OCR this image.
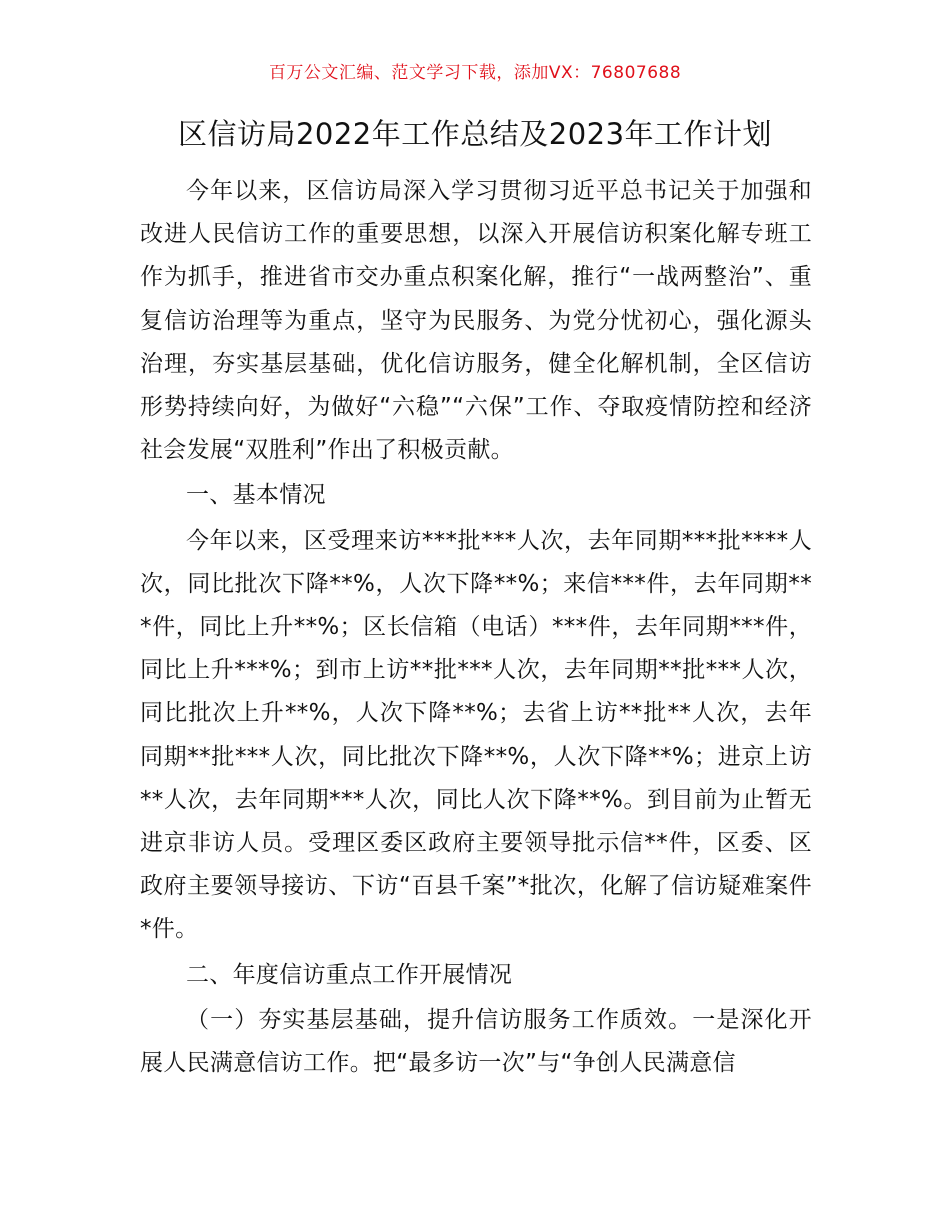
百万公文汇编、范文学习下载，添加VX：76807688
区信访局2022年工作总结及2023年工作计划

今年以来，区信访局深入学习贯彻习近平总书记关于加强和改进人民信访工作的重要思想，以深入开展信访积案化解专班工作为抓手，推进省市交办重点积案化解，推行“一战两整治”、重复信访治理等为重点，坚守为民服务、为党分忧初心，强化源头治理，夯实基层基础，优化信访服务，健全化解机制，全区信访形势持续向好，为做好“六稳”“六保”工作、夺取疫情防控和经济社会发展“双胜利”作出了积极贡献。

一、基本情况

今年以来，区受理来访***批***人次，去年同期***批****人次，同比批次下降**%，人次下降**%；来信***件，去年同期***件，同比上升**%；区长信箱（电话）***件，去年同期***件，同比上升***%；到市上访**批***人次，去年同期**批***人次，同比批次上升**%，人次下降**%；去省上访**批**人次，去年同期**批***人次，同比批次下降**%，人次下降**%；进京上访**人次，去年同期***人次，同比人次下降**%。到目前为止暂无进京非访人员。受理区委区政府主要领导批示信**件，区委、区政府主要领导接访、下访“百县千案”*批次，化解了信访疑难案件*件。

二、年度信访重点工作开展情况

（一）夯实基层基础，提升信访服务工作质效。一是深化开展人民满意信访工作。把“最多访一次”与“争创人民满意信
